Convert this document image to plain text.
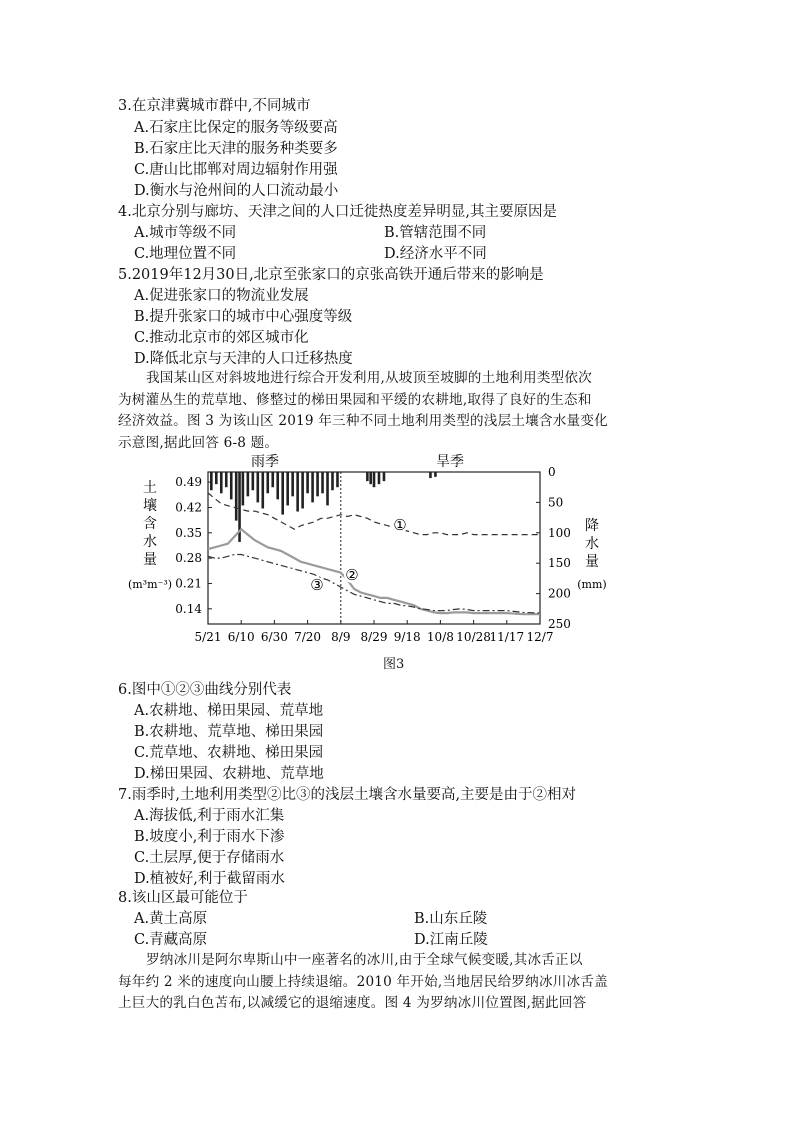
3.在京津冀城市群中,不同城市
A.石家庄比保定的服务等级要高
B.石家庄比天津的服务种类要多
C.唐山比邯郸对周边辐射作用强
D.衡水与沧州间的人口流动最小
4.北京分别与廊坊、天津之间的人口迁徙热度差异明显,其主要原因是
A.城市等级不同	B.管辖范围不同
C.地理位置不同	D.经济水平不同
5.2019年12月30日,北京至张家口的京张高铁开通后带来的影响是
A.促进张家口的物流业发展
B.提升张家口的城市中心强度等级
C.推动北京市的郊区城市化
D.降低北京与天津的人口迁移热度
我国某山区对斜坡地进行综合开发利用,从坡顶至坡脚的土地利用类型依次
为树灌丛生的荒草地、修整过的梯田果园和平缓的农耕地,取得了良好的生态和
经济效益。图 3 为该山区 2019 年三种不同土地利用类型的浅层土壤含水量变化
示意图,据此回答 6-8 题。
雨季	旱季
0.49
0.42
0.35
0.28
0.21
0.14
0
50
100
150
200
250
5/21 6/10 6/30 7/20 8/9 8/29 9/18 10/8 10/28
11/17 12/7
土
壤
含
水
量
(m³m⁻³)
降
水
量
(mm)
①
②
③
图3
6.图中①②③曲线分别代表
A.农耕地、梯田果园、荒草地
B.农耕地、荒草地、梯田果园
C.荒草地、农耕地、梯田果园
D.梯田果园、农耕地、荒草地
7.雨季时,土地利用类型②比③的浅层土壤含水量要高,主要是由于②相对
A.海拔低,利于雨水汇集
B.坡度小,利于雨水下渗
C.土层厚,便于存储雨水
D.植被好,利于截留雨水
8.该山区最可能位于
A.黄土高原	B.山东丘陵
C.青藏高原	D.江南丘陵
罗纳冰川是阿尔卑斯山中一座著名的冰川,由于全球气候变暖,其冰舌正以
每年约 2 米的速度向山腰上持续退缩。2010 年开始,当地居民给罗纳冰川冰舌盖
上巨大的乳白色苫布,以减缓它的退缩速度。图 4 为罗纳冰川位置图,据此回答
